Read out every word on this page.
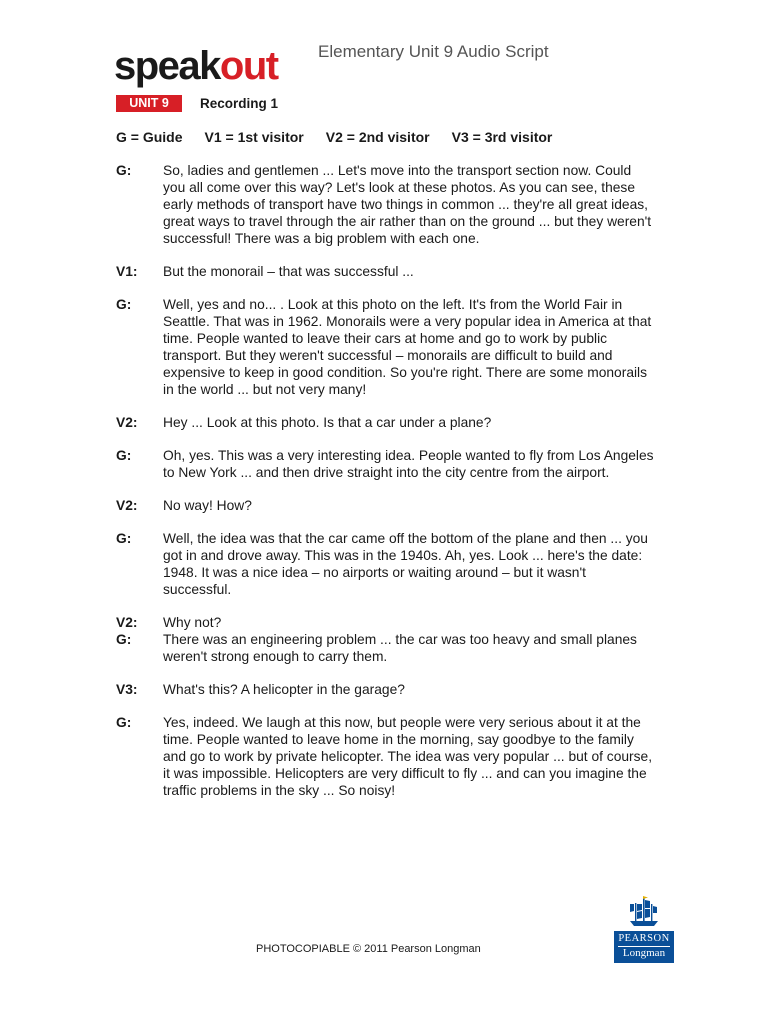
speakout Elementary Unit 9 Audio Script
UNIT 9	Recording 1
G = Guide V1 = 1st visitor V2 = 2nd visitor V3 = 3rd visitor
G:	So, ladies and gentlemen ... Let's move into the transport section now. Could you all come over this way? Let's look at these photos. As you can see, these early methods of transport have two things in common ... they're all great ideas, great ways to travel through the air rather than on the ground ... but they weren't successful! There was a big problem with each one.
V1:	But the monorail – that was successful ...
G:	Well, yes and no... . Look at this photo on the left. It's from the World Fair in Seattle. That was in 1962. Monorails were a very popular idea in America at that time. People wanted to leave their cars at home and go to work by public transport. But they weren't successful – monorails are difficult to build and expensive to keep in good condition. So you're right. There are some monorails in the world ... but not very many!
V2:	Hey ... Look at this photo. Is that a car under a plane?
G:	Oh, yes. This was a very interesting idea. People wanted to fly from Los Angeles to New York ... and then drive straight into the city centre from the airport.
V2:	No way! How?
G:	Well, the idea was that the car came off the bottom of the plane and then ... you got in and drove away. This was in the 1940s. Ah, yes. Look ... here's the date: 1948. It was a nice idea – no airports or waiting around – but it wasn't successful.
V2:	Why not?
G:	There was an engineering problem ... the car was too heavy and small planes weren't strong enough to carry them.
V3:	What's this? A helicopter in the garage?
G:	Yes, indeed. We laugh at this now, but people were very serious about it at the time. People wanted to leave home in the morning, say goodbye to the family and go to work by private helicopter. The idea was very popular ... but of course, it was impossible. Helicopters are very difficult to fly ... and can you imagine the traffic problems in the sky ... So noisy!
PHOTOCOPIABLE © 2011 Pearson Longman
PEARSON
Longman
